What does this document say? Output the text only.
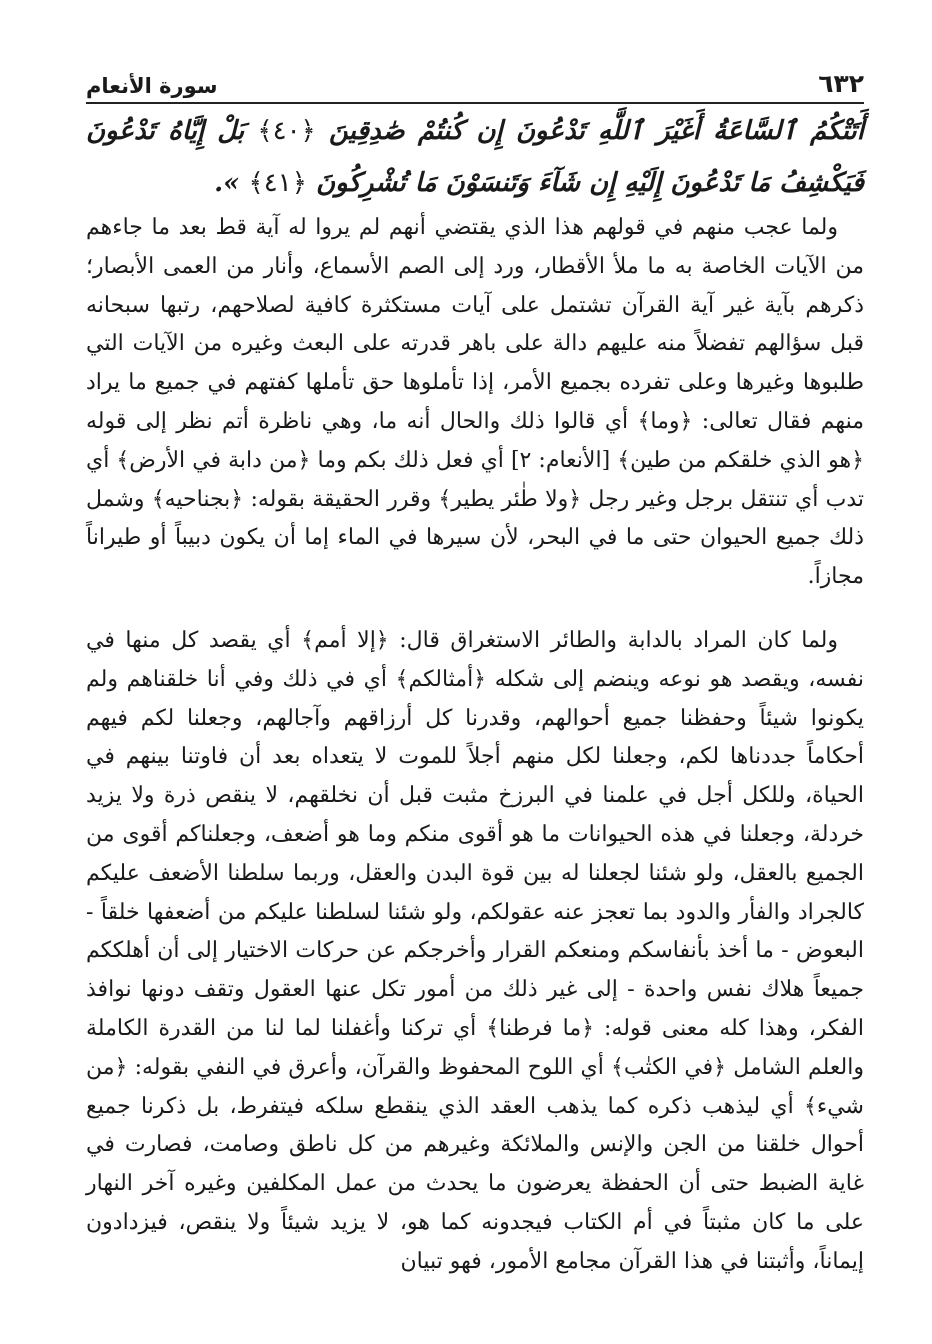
٦٣٢
سورة الأنعام
أَتَتْكُمُ ٱلسَّاعَةُ أَغَيْرَ ٱللَّهِ تَدْعُونَ إِن كُنتُمْ صَٰدِقِينَ ﴿٤٠﴾ بَلْ إِيَّاهُ تَدْعُونَ فَيَكْشِفُ مَا تَدْعُونَ إِلَيْهِ إِن شَآءَ وَتَنسَوْنَ مَا تُشْرِكُونَ ﴿٤١﴾ ».

ولما عجب منهم في قولهم هذا الذي يقتضي أنهم لم يروا له آية قط بعد ما جاءهم من الآيات الخاصة به ما ملأ الأقطار، ورد إلى الصم الأسماع، وأنار من العمى الأبصار؛ ذكرهم بآية غير آية القرآن تشتمل على آيات مستكثرة كافية لصلاحهم، رتبها سبحانه قبل سؤالهم تفضلاً منه عليهم دالة على باهر قدرته على البعث وغيره من الآيات التي طلبوها وغيرها وعلى تفرده بجميع الأمر، إذا تأملوها حق تأملها كفتهم في جميع ما يراد منهم فقال تعالى: ﴿وما﴾ أي قالوا ذلك والحال أنه ما، وهي ناظرة أتم نظر إلى قوله ﴿هو الذي خلقكم من طين﴾ [الأنعام: ٢] أي فعل ذلك بكم وما ﴿من دابة في الأرض﴾ أي تدب أي تنتقل برجل وغير رجل ﴿ولا طٰئر يطير﴾ وقرر الحقيقة بقوله: ﴿بجناحيه﴾ وشمل ذلك جميع الحيوان حتى ما في البحر، لأن سيرها في الماء إما أن يكون دبيباً أو طيراناً مجازاً.

ولما كان المراد بالدابة والطائر الاستغراق قال: ﴿إلا أمم﴾ أي يقصد كل منها في نفسه، ويقصد هو نوعه وينضم إلى شكله ﴿أمثالكم﴾ أي في ذلك وفي أنا خلقناهم ولم يكونوا شيئاً وحفظنا جميع أحوالهم، وقدرنا كل أرزاقهم وآجالهم، وجعلنا لكم فيهم أحكاماً جددناها لكم، وجعلنا لكل منهم أجلاً للموت لا يتعداه بعد أن فاوتنا بينهم في الحياة، وللكل أجل في علمنا في البرزخ مثبت قبل أن نخلقهم، لا ينقص ذرة ولا يزيد خردلة، وجعلنا في هذه الحيوانات ما هو أقوى منكم وما هو أضعف، وجعلناكم أقوى من الجميع بالعقل، ولو شئنا لجعلنا له بين قوة البدن والعقل، وربما سلطنا الأضعف عليكم كالجراد والفأر والدود بما تعجز عنه عقولكم، ولو شئنا لسلطنا عليكم من أضعفها خلقاً - البعوض - ما أخذ بأنفاسكم ومنعكم القرار وأخرجكم عن حركات الاختيار إلى أن أهلككم جميعاً هلاك نفس واحدة - إلى غير ذلك من أمور تكل عنها العقول وتقف دونها نوافذ الفكر، وهذا كله معنى قوله: ﴿ما فرطنا﴾ أي تركنا وأغفلنا لما لنا من القدرة الكاملة والعلم الشامل ﴿في الكتٰب﴾ أي اللوح المحفوظ والقرآن، وأعرق في النفي بقوله: ﴿من شيء﴾ أي ليذهب ذكره كما يذهب العقد الذي ينقطع سلكه فيتفرط، بل ذكرنا جميع أحوال خلقنا من الجن والإنس والملائكة وغيرهم من كل ناطق وصامت، فصارت في غاية الضبط حتى أن الحفظة يعرضون ما يحدث من عمل المكلفين وغيره آخر النهار على ما كان مثبتاً في أم الكتاب فيجدونه كما هو، لا يزيد شيئاً ولا ينقص، فيزدادون إيماناً، وأثبتنا في هذا القرآن مجامع الأمور، فهو تبيان
